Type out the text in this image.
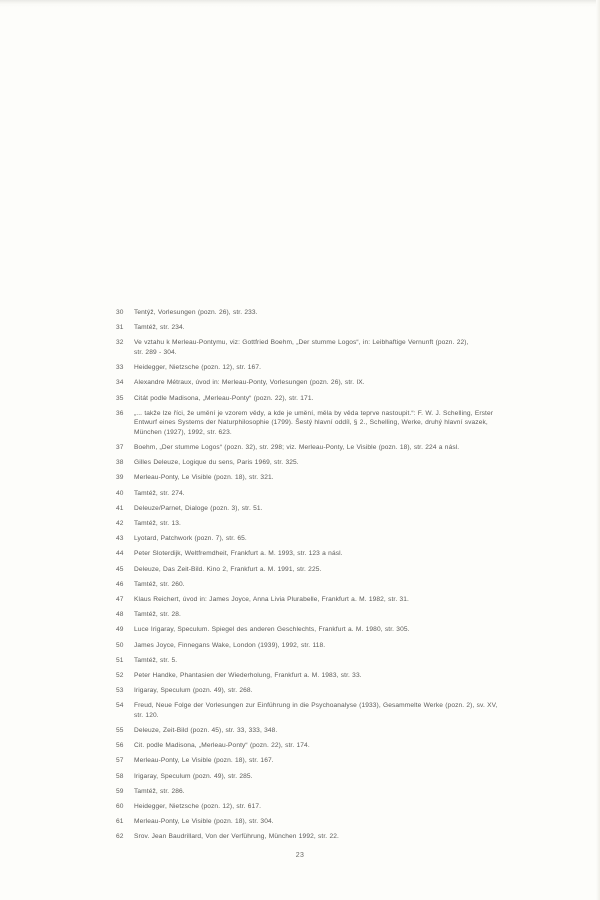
30	Tentýž, Vorlesungen (pozn. 26), str. 233.
31	Tamtéž, str. 234.
32	Ve vztahu k Merleau-Pontymu, viz: Gottfried Boehm, „Der stumme Logos“, in: Leibhaftige Vernunft (pozn. 22),
str. 289 - 304.
33	Heidegger, Nietzsche (pozn. 12), str. 167.
34	Alexandre Métraux, úvod in: Merleau-Ponty, Vorlesungen (pozn. 26), str. IX.
35	Citát podle Madisona, „Merleau-Ponty“ (pozn. 22), str. 171.
36	„... takže lze říci, že umění je vzorem vědy, a kde je umění, měla by věda teprve nastoupit.“: F. W. J. Schelling, Erster
Entwurf eines Systems der Naturphilosophie (1799). Šestý hlavní oddíl, § 2., Schelling, Werke, druhý hlavní svazek,
München (1927), 1992, str. 623.
37	Boehm, „Der stumme Logos“ (pozn. 32), str. 298; viz. Merleau-Ponty, Le Visible (pozn. 18), str. 224 a násl.
38	Gilles Deleuze, Logique du sens, Paris 1969, str. 325.
39	Merleau-Ponty, Le Visible (pozn. 18), str. 321.
40	Tamtéž, str. 274.
41	Deleuze/Parnet, Dialoge (pozn. 3), str. 51.
42	Tamtéž, str. 13.
43	Lyotard, Patchwork (pozn. 7), str. 65.
44	Peter Sloterdijk, Weltfremdheit, Frankfurt a. M. 1993, str. 123 a násl.
45	Deleuze, Das Zeit-Bild. Kino 2, Frankfurt a. M. 1991, str. 225.
46	Tamtéž, str. 260.
47	Klaus Reichert, úvod in: James Joyce, Anna Livia Plurabelle, Frankfurt a. M. 1982, str. 31.
48	Tamtéž, str. 28.
49	Luce Irigaray, Speculum. Spiegel des anderen Geschlechts, Frankfurt a. M. 1980, str. 305.
50	James Joyce, Finnegans Wake, London (1939), 1992, str. 118.
51	Tamtéž, str. 5.
52	Peter Handke, Phantasien der Wiederholung, Frankfurt a. M. 1983, str. 33.
53	Irigaray, Speculum (pozn. 49), str. 268.
54	Freud, Neue Folge der Vorlesungen zur Einführung in die Psychoanalyse (1933), Gesammelte Werke (pozn. 2), sv. XV,
str. 120.
55	Deleuze, Zeit-Bild (pozn. 45), str. 33, 333, 348.
56	Cit. podle Madisona, „Merleau-Ponty“ (pozn. 22), str. 174.
57	Merleau-Ponty, Le Visible (pozn. 18), str. 167.
58	Irigaray, Speculum (pozn. 49), str. 285.
59	Tamtéž, str. 286.
60	Heidegger, Nietzsche (pozn. 12), str. 617.
61	Merleau-Ponty, Le Visible (pozn. 18), str. 304.
62	Srov. Jean Baudrillard, Von der Verführung, München 1992, str. 22.
23
